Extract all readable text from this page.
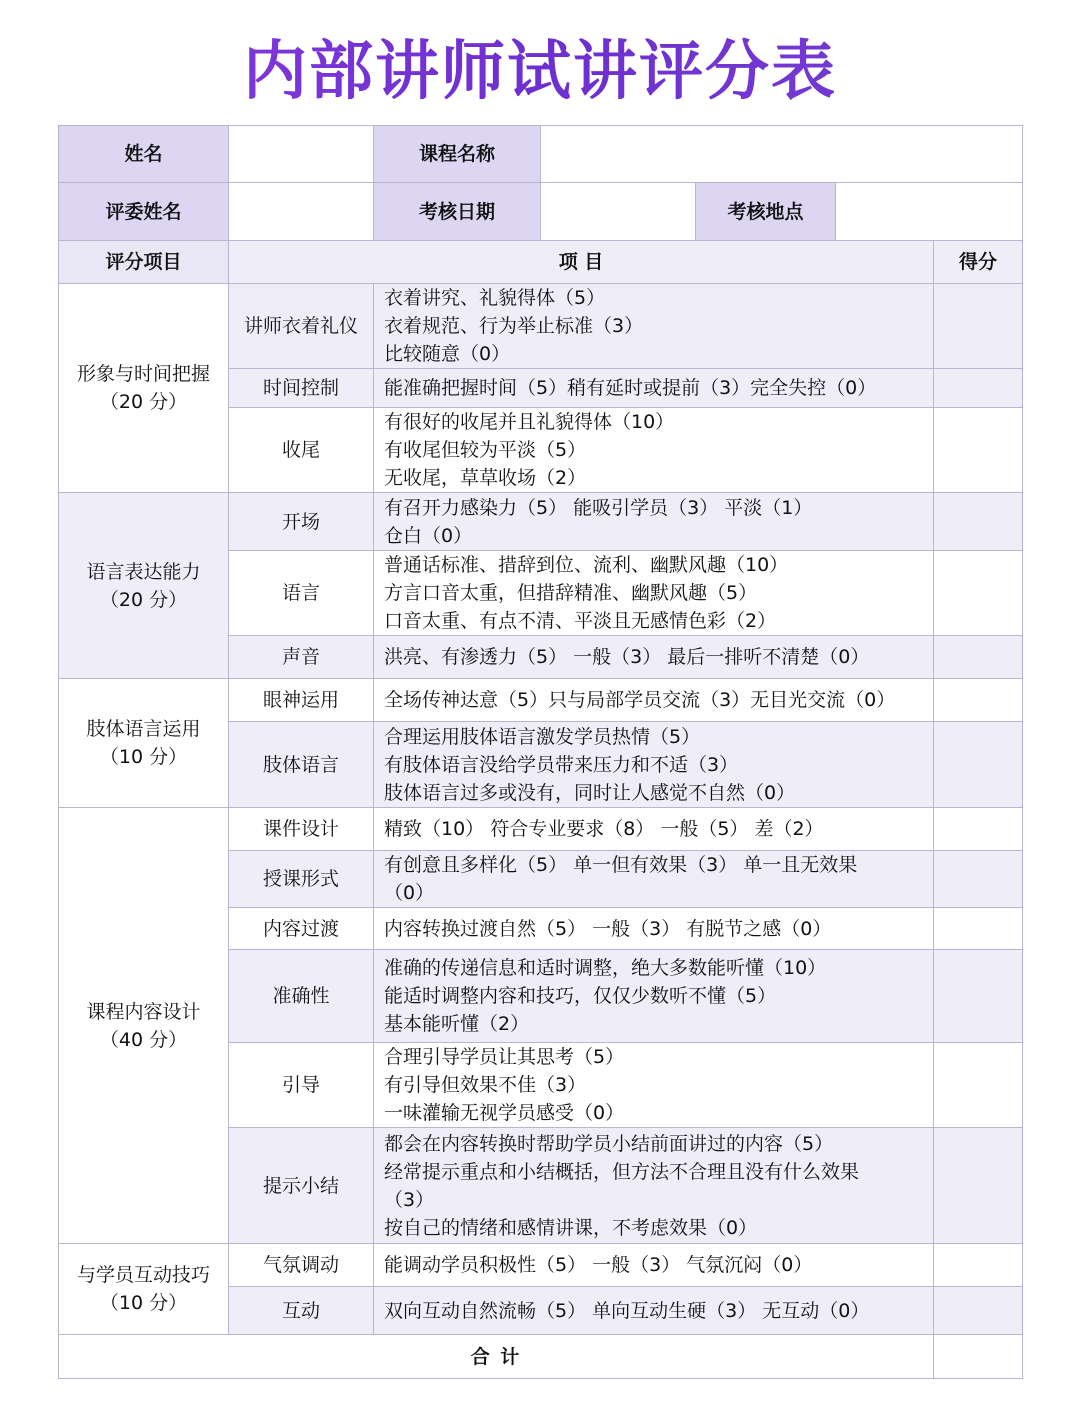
内部讲师试讲评分表
姓名		课程名称				
评委姓名		考核日期		考核地点		
评分项目	项 目					得分
形象与时间把握（20 分）	讲师衣着礼仪	衣着讲究、礼貌得体（5）
衣着规范、行为举止标准（3）
比较随意（0）				

	时间控制	能准确把握时间（5）稍有延时或提前（3）完全失控（0）				

	收尾	有很好的收尾并且礼貌得体（10）
有收尾但较为平淡（5）
无收尾，草草收场（2）				

语言表达能力（20 分）	开场	有召开力感染力（5） 能吸引学员（3） 平淡（1）
仓白（0）				

	语言	普通话标准、措辞到位、流利、幽默风趣（10）
方言口音太重，但措辞精准、幽默风趣（5）
口音太重、有点不清、平淡且无感情色彩（2）				

	声音	洪亮、有渗透力（5） 一般（3） 最后一排听不清楚（0）				

肢体语言运用（10 分）	眼神运用	全场传神达意（5）只与局部学员交流（3）无目光交流（0）				

	肢体语言	合理运用肢体语言激发学员热情（5）
有肢体语言没给学员带来压力和不适（3）
肢体语言过多或没有，同时让人感觉不自然（0）				

课程内容设计（40 分）	课件设计	精致（10） 符合专业要求（8） 一般（5） 差（2）				

	授课形式	有创意且多样化（5） 单一但有效果（3） 单一且无效果
（0）				

	内容过渡	内容转换过渡自然（5） 一般（3） 有脱节之感（0）				

	准确性	准确的传递信息和适时调整，绝大多数能听懂（10）
能适时调整内容和技巧，仅仅少数听不懂（5）
基本能听懂（2）				

	引导	合理引导学员让其思考（5）
有引导但效果不佳（3）
一味灌输无视学员感受（0）				

	提示小结	都会在内容转换时帮助学员小结前面讲过的内容（5）
经常提示重点和小结概括，但方法不合理且没有什么效果
（3）
按自己的情绪和感情讲课，不考虑效果（0）				

与学员互动技巧（10 分）	气氛调动	能调动学员积极性（5） 一般（3） 气氛沉闷（0）				

	互动	双向互动自然流畅（5） 单向互动生硬（3） 无互动（0）				

合 计						
